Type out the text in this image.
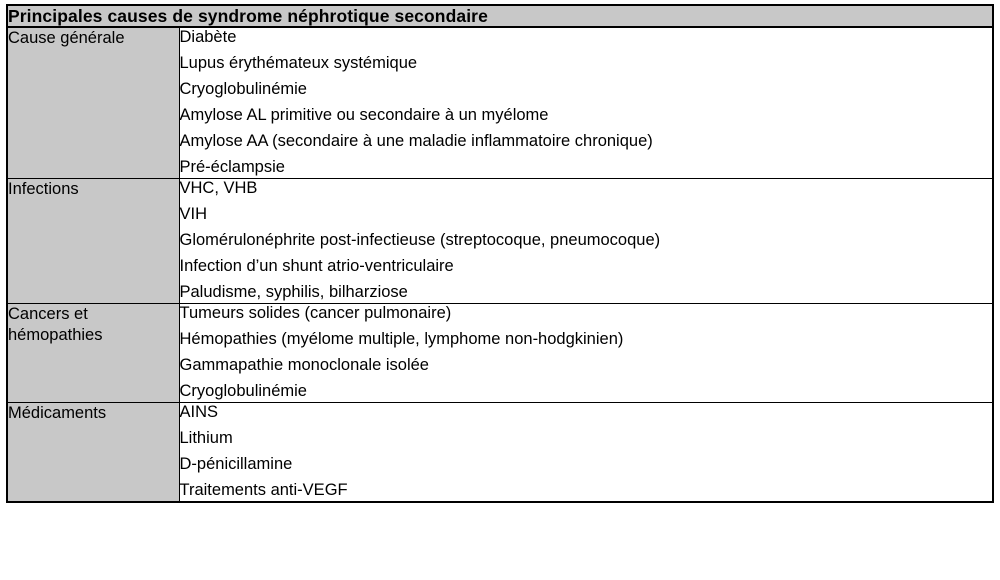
Principales causes de syndrome néphrotique secondaire	

Cause générale	Diabète
Lupus érythémateux systémique
Cryoglobulinémie
Amylose AL primitive ou secondaire à un myélome
Amylose AA (secondaire à une maladie inflammatoire chronique)
Pré-éclampsie

Infections	VHC, VHB
VIH
Glomérulonéphrite post-infectieuse (streptocoque, pneumocoque)
Infection d’un shunt atrio-ventriculaire
Paludisme, syphilis, bilharziose

Cancers et hémopathies	Tumeurs solides (cancer pulmonaire)
Hémopathies (myélome multiple, lymphome non-hodgkinien)
Gammapathie monoclonale isolée
Cryoglobulinémie

Médicaments	AINS
Lithium
D-pénicillamine
Traitements anti-VEGF
